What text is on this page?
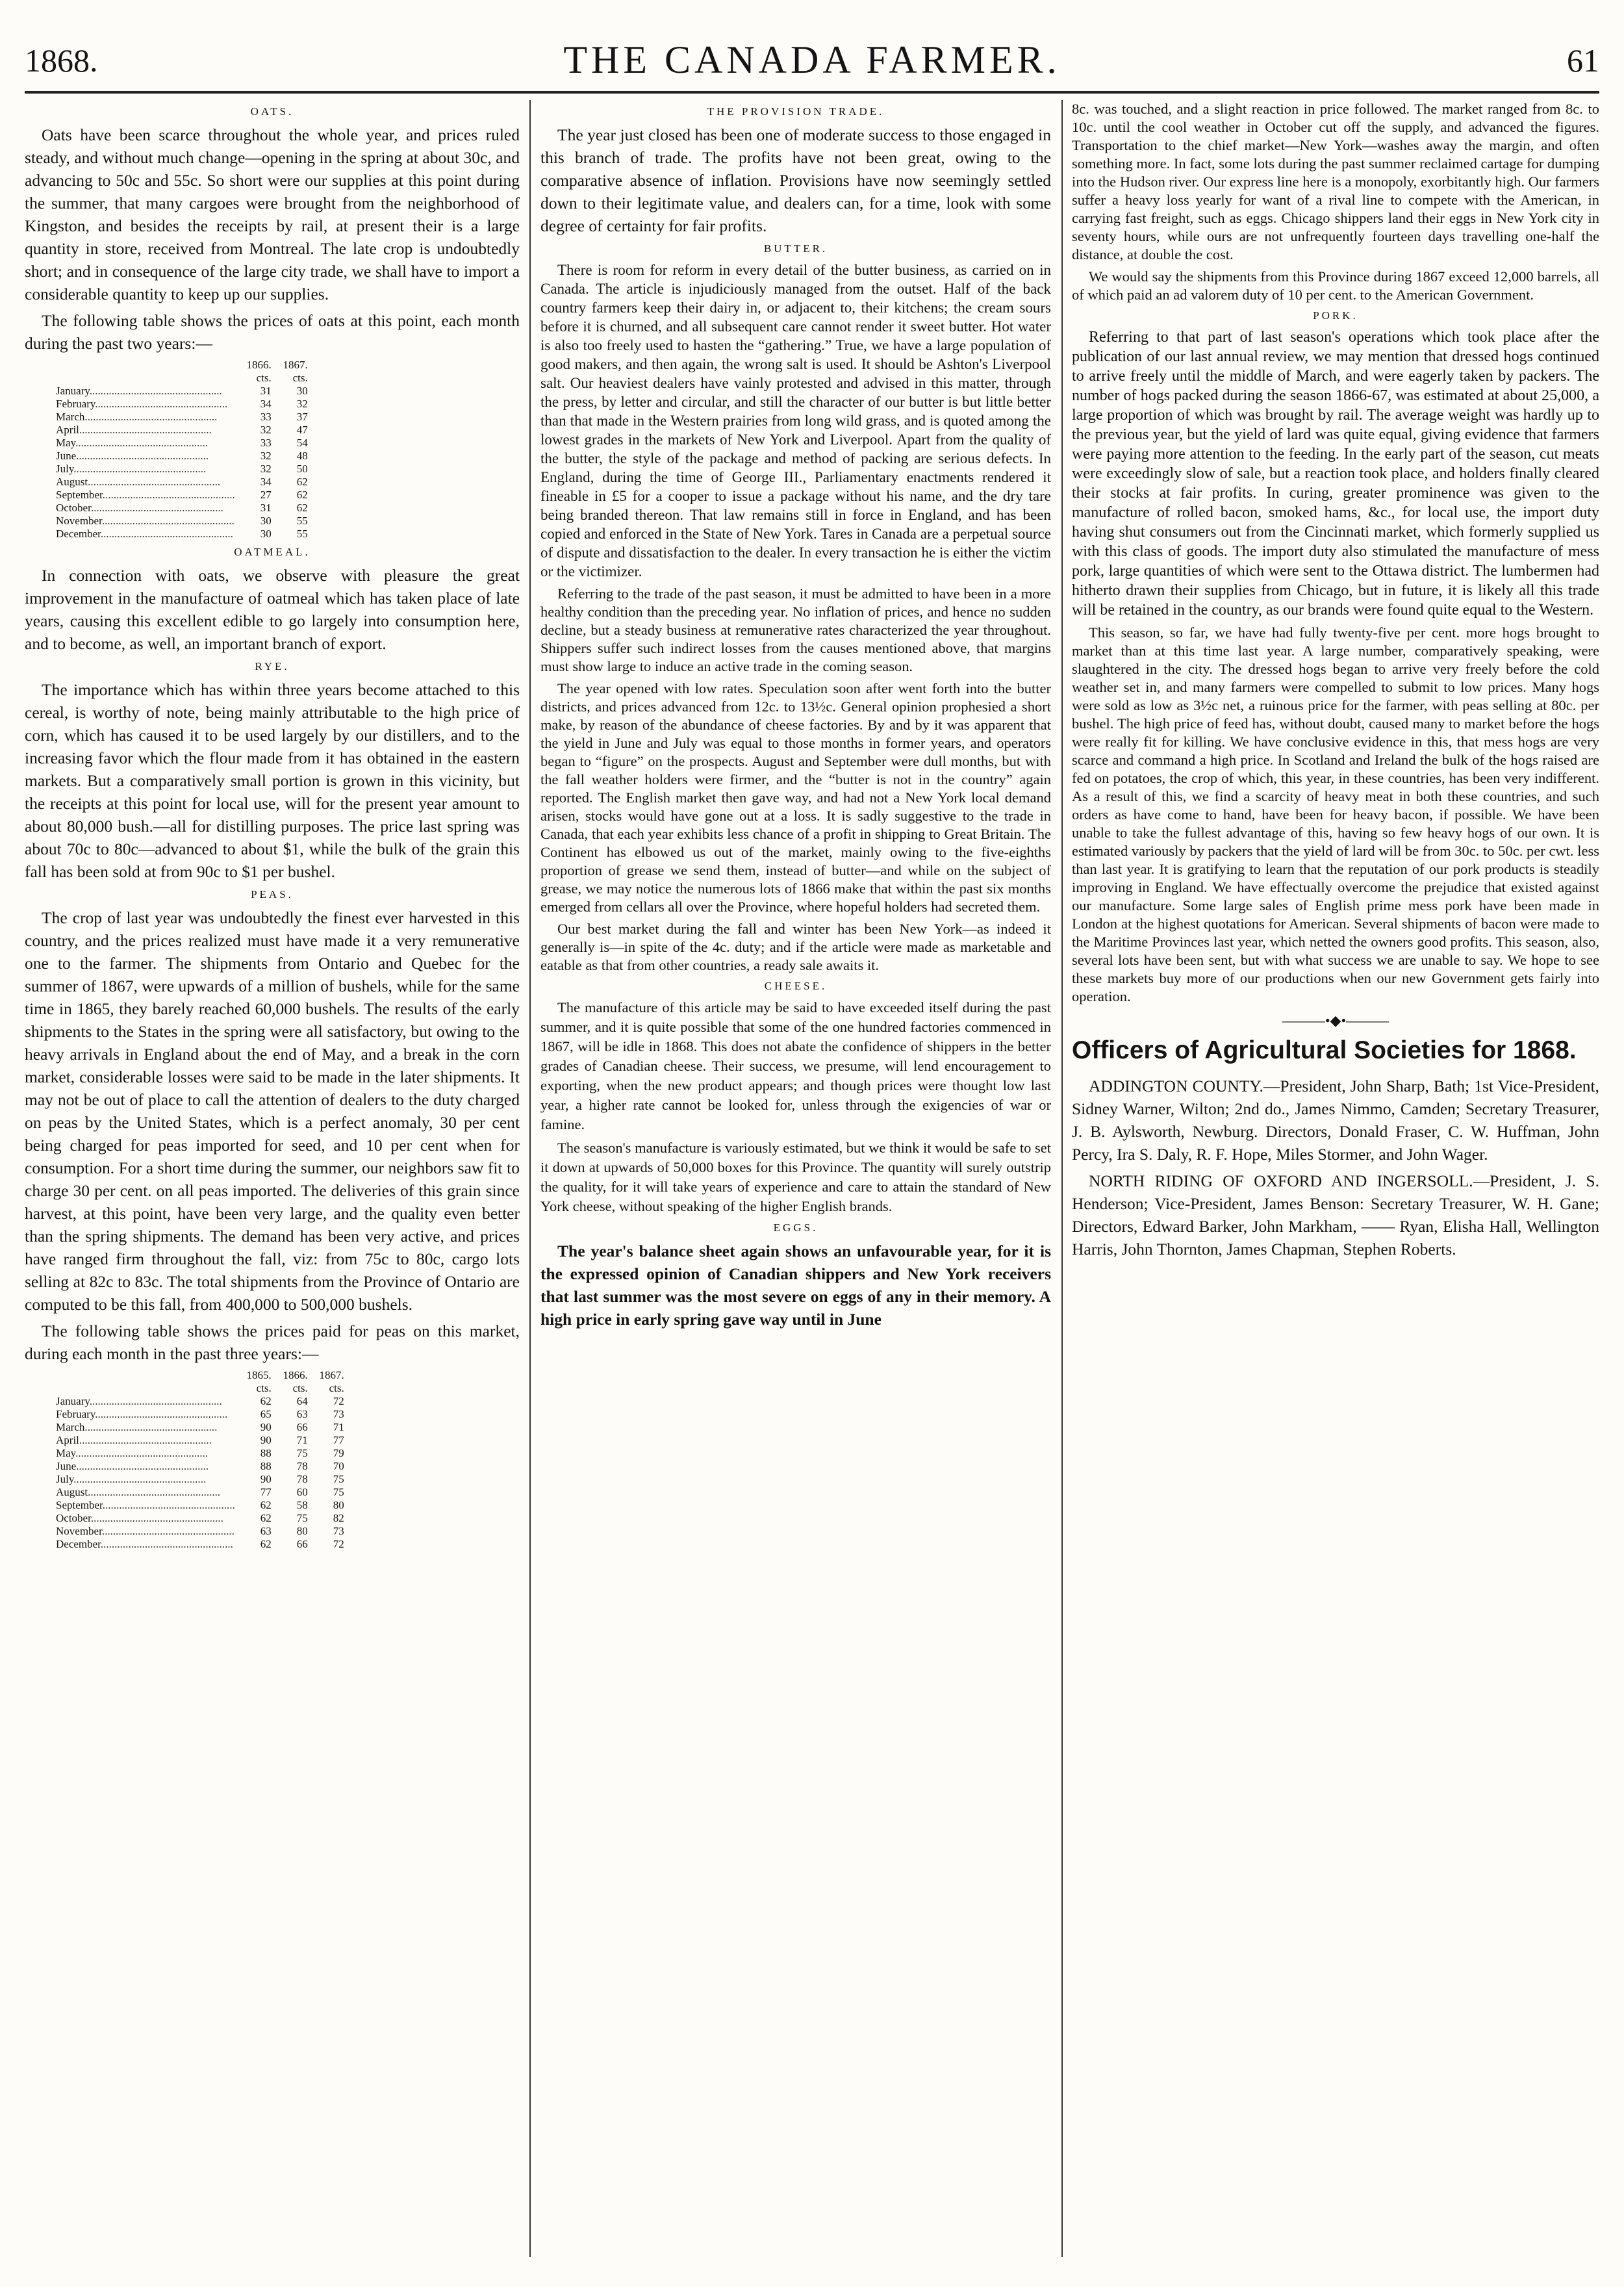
1868.	THE CANADA FARMER.	61
OATS.

Oats have been scarce throughout the whole year, and prices ruled steady, and without much change—opening in the spring at about 30c, and advancing to 50c and 55c. So short were our supplies at this point during the summer, that many cargoes were brought from the neighborhood of Kingston, and besides the receipts by rail, at present their is a large quantity in store, received from Montreal. The late crop is undoubtedly short; and in consequence of the large city trade, we shall have to import a considerable quantity to keep up our supplies.

The following table shows the prices of oats at this point, each month during the past two years:—

	1866.	1867.
	cts.	cts.
January .....	31	30
February .....	34	32
March .....	33	37
April .....	32	47
May .....	33	54
June .....	32	48
July .....	32	50
August .....	34	62
September .....	27	62
October .....	31	62
November .....	30	55
December .....	30	55
OATMEAL.

In connection with oats, we observe with pleasure the great improvement in the manufacture of oatmeal which has taken place of late years, causing this excellent edible to go largely into consumption here, and to become, as well, an important branch of export.

RYE.

The importance which has within three years become attached to this cereal, is worthy of note, being mainly attributable to the high price of corn, which has caused it to be used largely by our distillers, and to the increasing favor which the flour made from it has obtained in the eastern markets. But a comparatively small portion is grown in this vicinity, but the receipts at this point for local use, will for the present year amount to about 80,000 bush.—all for distilling purposes. The price last spring was about 70c to 80c—advanced to about $1, while the bulk of the grain this fall has been sold at from 90c to $1 per bushel.

PEAS.

The crop of last year was undoubtedly the finest ever harvested in this country, and the prices realized must have made it a very remunerative one to the farmer. The shipments from Ontario and Quebec for the summer of 1867, were upwards of a million of bushels, while for the same time in 1865, they barely reached 60,000 bushels. The results of the early shipments to the States in the spring were all satisfactory, but owing to the heavy arrivals in England about the end of May, and a break in the corn market, considerable losses were said to be made in the later shipments. It may not be out of place to call the attention of dealers to the duty charged on peas by the United States, which is a perfect anomaly, 30 per cent being charged for peas imported for seed, and 10 per cent when for consumption. For a short time during the summer, our neighbors saw fit to charge 30 per cent. on all peas imported. The deliveries of this grain since harvest, at this point, have been very large, and the quality even better than the spring shipments. The demand has been very active, and prices have ranged firm throughout the fall, viz: from 75c to 80c, cargo lots selling at 82c to 83c. The total shipments from the Province of Ontario are computed to be this fall, from 400,000 to 500,000 bushels.

The following table shows the prices paid for peas on this market, during each month in the past three years:—

	1865.	1866.	1867.
	cts.	cts.	cts.
January .....	62	64	72
February .....	65	63	73
March .....	90	66	71
April .....	90	71	77
May .....	88	75	79
June .....	88	78	70
July .....	90	78	75
August .....	77	60	75
September .....	62	58	80
October .....	62	75	82
November .....	63	80	73
December .....	62	66	72
THE PROVISION TRADE.

The year just closed has been one of moderate success to those engaged in this branch of trade. The profits have not been great, owing to the comparative absence of inflation. Provisions have now seemingly settled down to their legitimate value, and dealers can, for a time, look with some degree of certainty for fair profits.

BUTTER.

There is room for reform in every detail of the butter business, as carried on in Canada. The article is injudiciously managed from the outset. Half of the back country farmers keep their dairy in, or adjacent to, their kitchens; the cream sours before it is churned, and all subsequent care cannot render it sweet butter. Hot water is also too freely used to hasten the “gathering.” True, we have a large population of good makers, and then again, the wrong salt is used. It should be Ashton's Liverpool salt. Our heaviest dealers have vainly protested and advised in this matter, through the press, by letter and circular, and still the character of our butter is but little better than that made in the Western prairies from long wild grass, and is quoted among the lowest grades in the markets of New York and Liverpool. Apart from the quality of the butter, the style of the package and method of packing are serious defects. In England, during the time of George III., Parliamentary enactments rendered it fineable in £5 for a cooper to issue a package without his name, and the dry tare being branded thereon. That law remains still in force in England, and has been copied and enforced in the State of New York. Tares in Canada are a perpetual source of dispute and dissatisfaction to the dealer. In every transaction he is either the victim or the victimizer.

Referring to the trade of the past season, it must be admitted to have been in a more healthy condition than the preceding year. No inflation of prices, and hence no sudden decline, but a steady business at remunerative rates characterized the year throughout. Shippers suffer such indirect losses from the causes mentioned above, that margins must show large to induce an active trade in the coming season.

The year opened with low rates. Speculation soon after went forth into the butter districts, and prices advanced from 12c. to 13½c. General opinion prophesied a short make, by reason of the abundance of cheese factories. By and by it was apparent that the yield in June and July was equal to those months in former years, and operators began to “figure” on the prospects. August and September were dull months, but with the fall weather holders were firmer, and the “butter is not in the country” again reported. The English market then gave way, and had not a New York local demand arisen, stocks would have gone out at a loss. It is sadly suggestive to the trade in Canada, that each year exhibits less chance of a profit in shipping to Great Britain. The Continent has elbowed us out of the market, mainly owing to the five-eighths proportion of grease we send them, instead of butter—and while on the subject of grease, we may notice the numerous lots of 1866 make that within the past six months emerged from cellars all over the Province, where hopeful holders had secreted them.

Our best market during the fall and winter has been New York—as indeed it generally is—in spite of the 4c. duty; and if the article were made as marketable and eatable as that from other countries, a ready sale awaits it.

CHEESE.

The manufacture of this article may be said to have exceeded itself during the past summer, and it is quite possible that some of the one hundred factories commenced in 1867, will be idle in 1868. This does not abate the confidence of shippers in the better grades of Canadian cheese. Their success, we presume, will lend encouragement to exporting, when the new product appears; and though prices were thought low last year, a higher rate cannot be looked for, unless through the exigencies of war or famine.

The season's manufacture is variously estimated, but we think it would be safe to set it down at upwards of 50,000 boxes for this Province. The quantity will surely outstrip the quality, for it will take years of experience and care to attain the standard of New York cheese, without speaking of the higher English brands.

EGGS.

The year's balance sheet again shows an unfavourable year, for it is the expressed opinion of Canadian shippers and New York receivers that last summer was the most severe on eggs of any in their memory. A high price in early spring gave way until in June

8c. was touched, and a slight reaction in price followed. The market ranged from 8c. to 10c. until the cool weather in October cut off the supply, and advanced the figures. Transportation to the chief market—New York—washes away the margin, and often something more. In fact, some lots during the past summer reclaimed cartage for dumping into the Hudson river. Our express line here is a monopoly, exorbitantly high. Our farmers suffer a heavy loss yearly for want of a rival line to compete with the American, in carrying fast freight, such as eggs. Chicago shippers land their eggs in New York city in seventy hours, while ours are not unfrequently fourteen days travelling one-half the distance, at double the cost.

We would say the shipments from this Province during 1867 exceed 12,000 barrels, all of which paid an ad valorem duty of 10 per cent. to the American Government.

PORK.

Referring to that part of last season's operations which took place after the publication of our last annual review, we may mention that dressed hogs continued to arrive freely until the middle of March, and were eagerly taken by packers. The number of hogs packed during the season 1866-67, was estimated at about 25,000, a large proportion of which was brought by rail. The average weight was hardly up to the previous year, but the yield of lard was quite equal, giving evidence that farmers were paying more attention to the feeding. In the early part of the season, cut meats were exceedingly slow of sale, but a reaction took place, and holders finally cleared their stocks at fair profits. In curing, greater prominence was given to the manufacture of rolled bacon, smoked hams, &c., for local use, the import duty having shut consumers out from the Cincinnati market, which formerly supplied us with this class of goods. The import duty also stimulated the manufacture of mess pork, large quantities of which were sent to the Ottawa district. The lumbermen had hitherto drawn their supplies from Chicago, but in future, it is likely all this trade will be retained in the country, as our brands were found quite equal to the Western.

This season, so far, we have had fully twenty-five per cent. more hogs brought to market than at this time last year. A large number, comparatively speaking, were slaughtered in the city. The dressed hogs began to arrive very freely before the cold weather set in, and many farmers were compelled to submit to low prices. Many hogs were sold as low as 3½c net, a ruinous price for the farmer, with peas selling at 80c. per bushel. The high price of feed has, without doubt, caused many to market before the hogs were really fit for killing. We have conclusive evidence in this, that mess hogs are very scarce and command a high price. In Scotland and Ireland the bulk of the hogs raised are fed on potatoes, the crop of which, this year, in these countries, has been very indifferent. As a result of this, we find a scarcity of heavy meat in both these countries, and such orders as have come to hand, have been for heavy bacon, if possible. We have been unable to take the fullest advantage of this, having so few heavy hogs of our own. It is estimated variously by packers that the yield of lard will be from 30c. to 50c. per cwt. less than last year. It is gratifying to learn that the reputation of our pork products is steadily improving in England. We have effectually overcome the prejudice that existed against our manufacture. Some large sales of English prime mess pork have been made in London at the highest quotations for American. Several shipments of bacon were made to the Maritime Provinces last year, which netted the owners good profits. This season, also, several lots have been sent, but with what success we are unable to say. We hope to see these markets buy more of our productions when our new Government gets fairly into operation.

———•◆•———
Officers of Agricultural Societies for 1868.

ADDINGTON COUNTY.—President, John Sharp, Bath; 1st Vice-President, Sidney Warner, Wilton; 2nd do., James Nimmo, Camden; Secretary Treasurer, J. B. Aylsworth, Newburg. Directors, Donald Fraser, C. W. Huffman, John Percy, Ira S. Daly, R. F. Hope, Miles Stormer, and John Wager.

NORTH RIDING OF OXFORD AND INGERSOLL.—President, J. S. Henderson; Vice-President, James Benson: Secretary Treasurer, W. H. Gane; Directors, Edward Barker, John Markham, —— Ryan, Elisha Hall, Wellington Harris, John Thornton, James Chapman, Stephen Roberts.
